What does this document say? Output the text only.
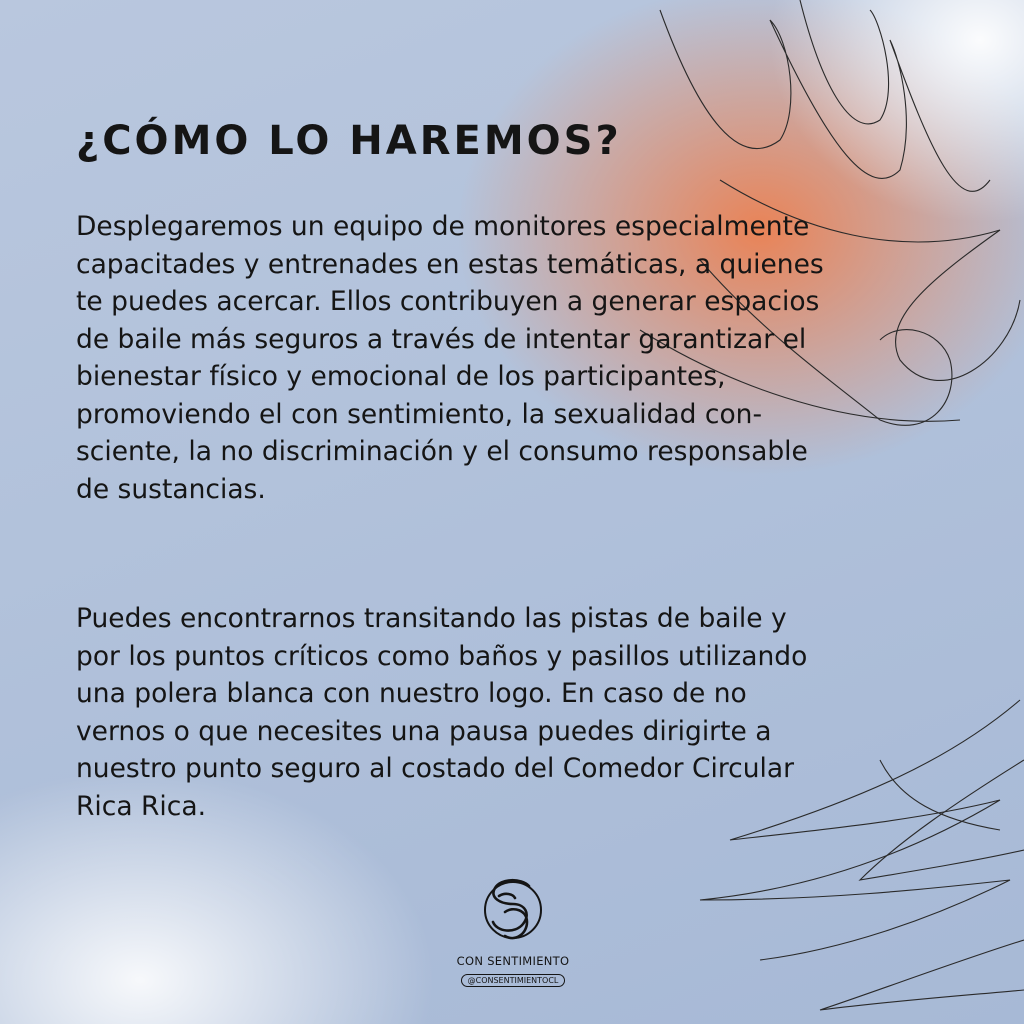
¿CÓMO LO HAREMOS?

Desplegaremos un equipo de monitores especialmente
capacitades y entrenades en estas temáticas, a quienes
te puedes acercar. Ellos contribuyen a generar espacios
de baile más seguros a través de intentar garantizar el
bienestar físico y emocional de los participantes,
promoviendo el con sentimiento, la sexualidad con-
sciente, la no discriminación y el consumo responsable
de sustancias.

Puedes encontrarnos transitando las pistas de baile y
por los puntos críticos como baños y pasillos utilizando
una polera blanca con nuestro logo. En caso de no
vernos o que necesites una pausa puedes dirigirte a
nuestro punto seguro al costado del Comedor Circular
Rica Rica.

CON SENTIMIENTO
@CONSENTIMIENTOCL
